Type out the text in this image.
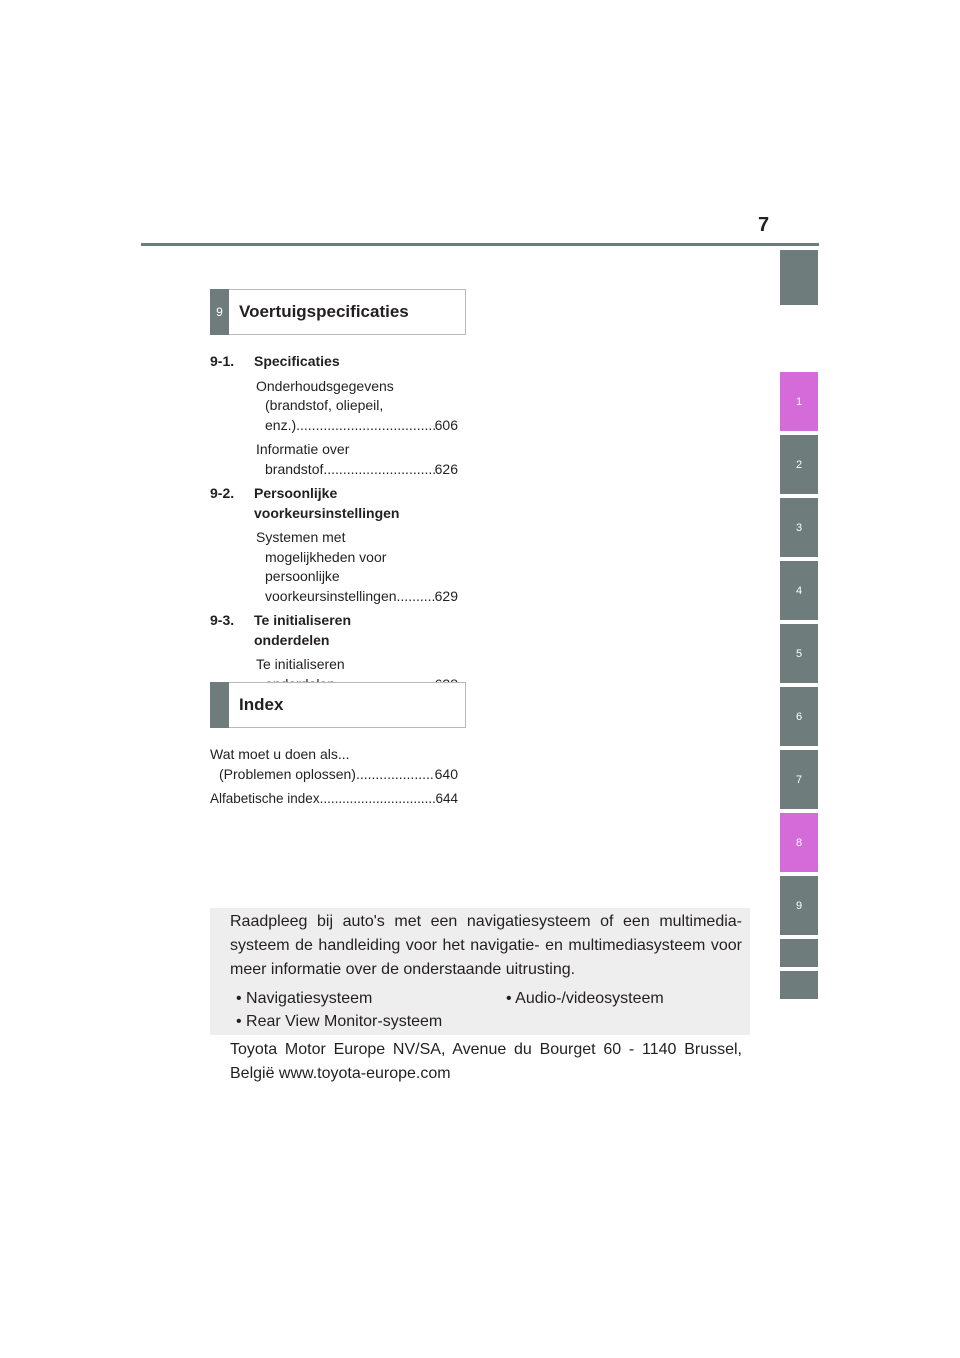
7
1
2
3
4
5
6
7
8
9
9 Voertuigspecificaties
9-1. Specificaties
Onderhoudsgegevens
(brandstof, oliepeil,
enz.) .....	606
Informatie over
brandstof .....	626
9-2. Persoonlijke
voorkeursinstellingen
Systemen met
mogelijkheden voor
persoonlijke
voorkeursinstellingen .....	629
9-3. Te initialiseren
onderdelen
Te initialiseren
.....
Index
Wat moet u doen als...
(Problemen oplossen) .....	640
Alfabetische index .....	644
Raadpleeg bij auto's met een navigatiesysteem of een multimedia-systeem de handleiding voor het navigatie- en multimediasysteem voor meer informatie over de onderstaande uitrusting.
• Navigatiesysteem
• Rear View Monitor-systeem
• Audio-/videosysteem
Toyota Motor Europe NV/SA, Avenue du Bourget 60 - 1140 Brussel, België www.toyota-europe.com
